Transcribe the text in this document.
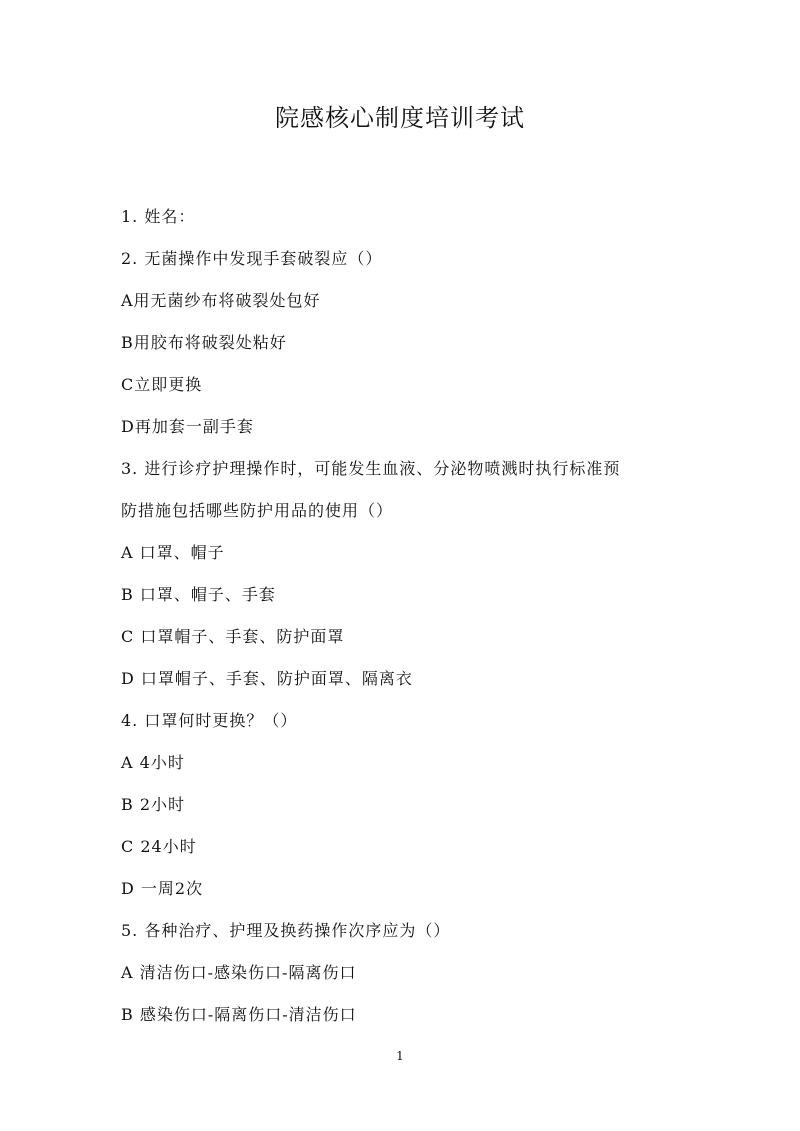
院感核心制度培训考试
1. 姓名：
2. 无菌操作中发现手套破裂应（）
A用无菌纱布将破裂处包好
B用胶布将破裂处粘好
C立即更换
D再加套一副手套
3. 进行诊疗护理操作时，可能发生血液、分泌物喷溅时执行标准预
防措施包括哪些防护用品的使用（）
A 口罩、帽子
B 口罩、帽子、手套
C 口罩帽子、手套、防护面罩
D 口罩帽子、手套、防护面罩、隔离衣
4. 口罩何时更换？（）
A 4小时
B 2小时
C 24小时
D 一周2次
5. 各种治疗、护理及换药操作次序应为（）
A 清洁伤口-感染伤口-隔离伤口
B 感染伤口-隔离伤口-清洁伤口
1
